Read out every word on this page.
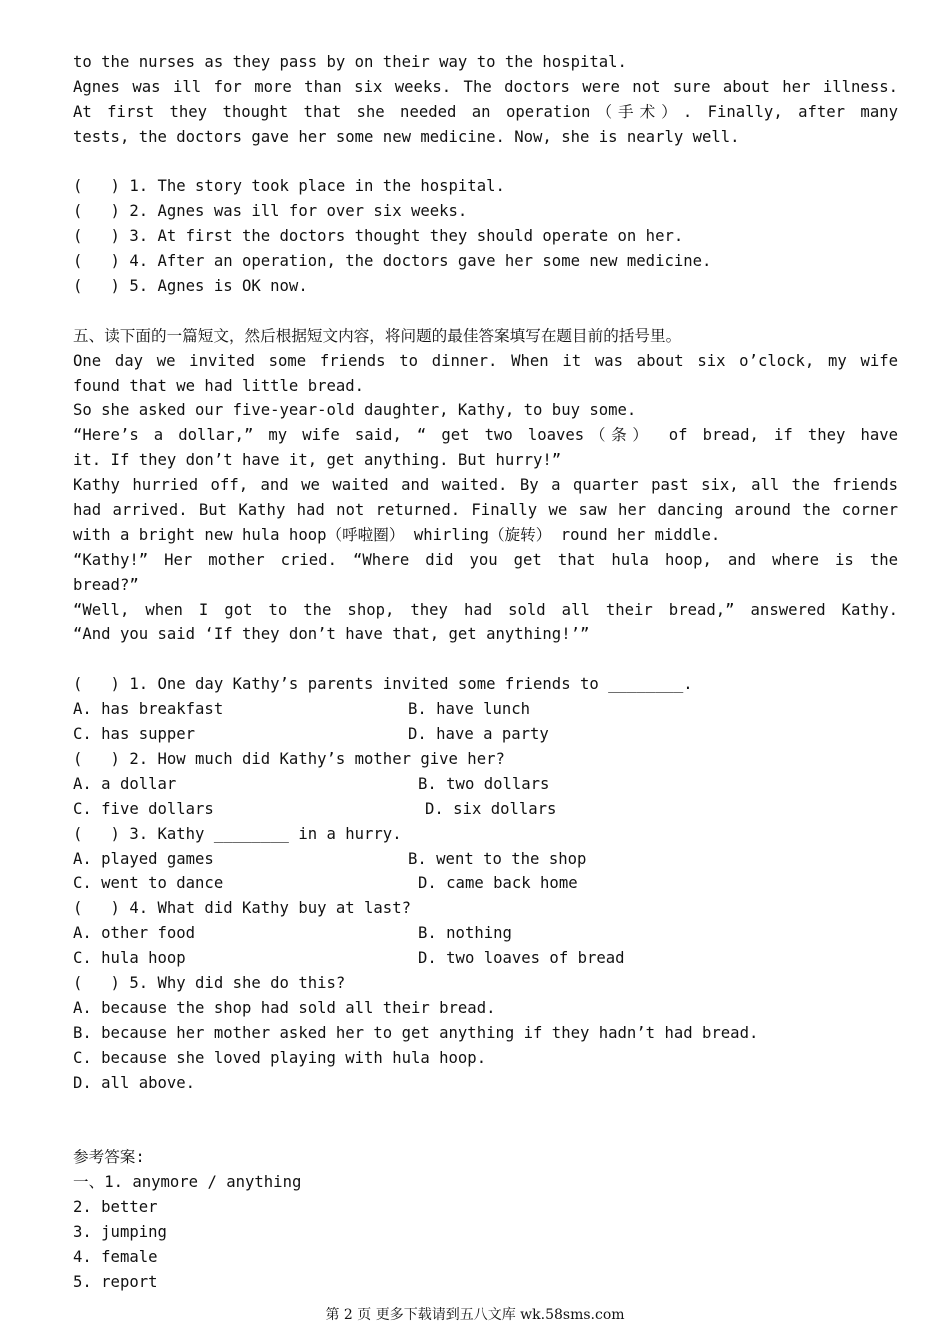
to the nurses as they pass by on their way to the hospital.
Agnes was ill for more than six weeks. The doctors were not sure about her illness.
At first they thought that she needed an operation（手术）. Finally, after many
tests, the doctors gave her some new medicine. Now, she is nearly well.
(   ) 1. The story took place in the hospital.
(   ) 2. Agnes was ill for over six weeks.
(   ) 3. At first the doctors thought they should operate on her.
(   ) 4. After an operation, the doctors gave her some new medicine.
(   ) 5. Agnes is OK now.
五、读下面的一篇短文，然后根据短文内容，将问题的最佳答案填写在题目前的括号里。
One day we invited some friends to dinner. When it was about six o’clock, my wife
found that we had little bread.
So she asked our five-year-old daughter, Kathy, to buy some.
“Here’s a dollar,” my wife said, “ get two loaves（条） of bread, if they have
it. If they don’t have it, get anything. But hurry!”
Kathy hurried off, and we waited and waited. By a quarter past six, all the friends
had arrived. But Kathy had not returned. Finally we saw her dancing around the corner
with a bright new hula hoop（呼啦圈） whirling（旋转） round her middle.
“Kathy!” Her mother cried. “Where did you get that hula hoop, and where is the
bread?”
“Well, when I got to the shop, they had sold all their bread,” answered Kathy.
“And you said ‘If they don’t have that, get anything!’”
(   ) 1. One day Kathy’s parents invited some friends to ________.
A. has breakfast	B. have lunch
C. has supper	D. have a party
(   ) 2. How much did Kathy’s mother give her?
A. a dollar	B. two dollars
C. five dollars	D. six dollars
(   ) 3. Kathy ________ in a hurry.
A. played games	B. went to the shop
C. went to dance	D. came back home
(   ) 4. What did Kathy buy at last?
A. other food	B. nothing
C. hula hoop	D. two loaves of bread
(   ) 5. Why did she do this?
A. because the shop had sold all their bread.
B. because her mother asked her to get anything if they hadn’t had bread.
C. because she loved playing with hula hoop.
D. all above.
参考答案:
一、1. anymore / anything
2. better
3. jumping
4. female
5. report
第 2 页 更多下载请到五八文库 wk.58sms.com
